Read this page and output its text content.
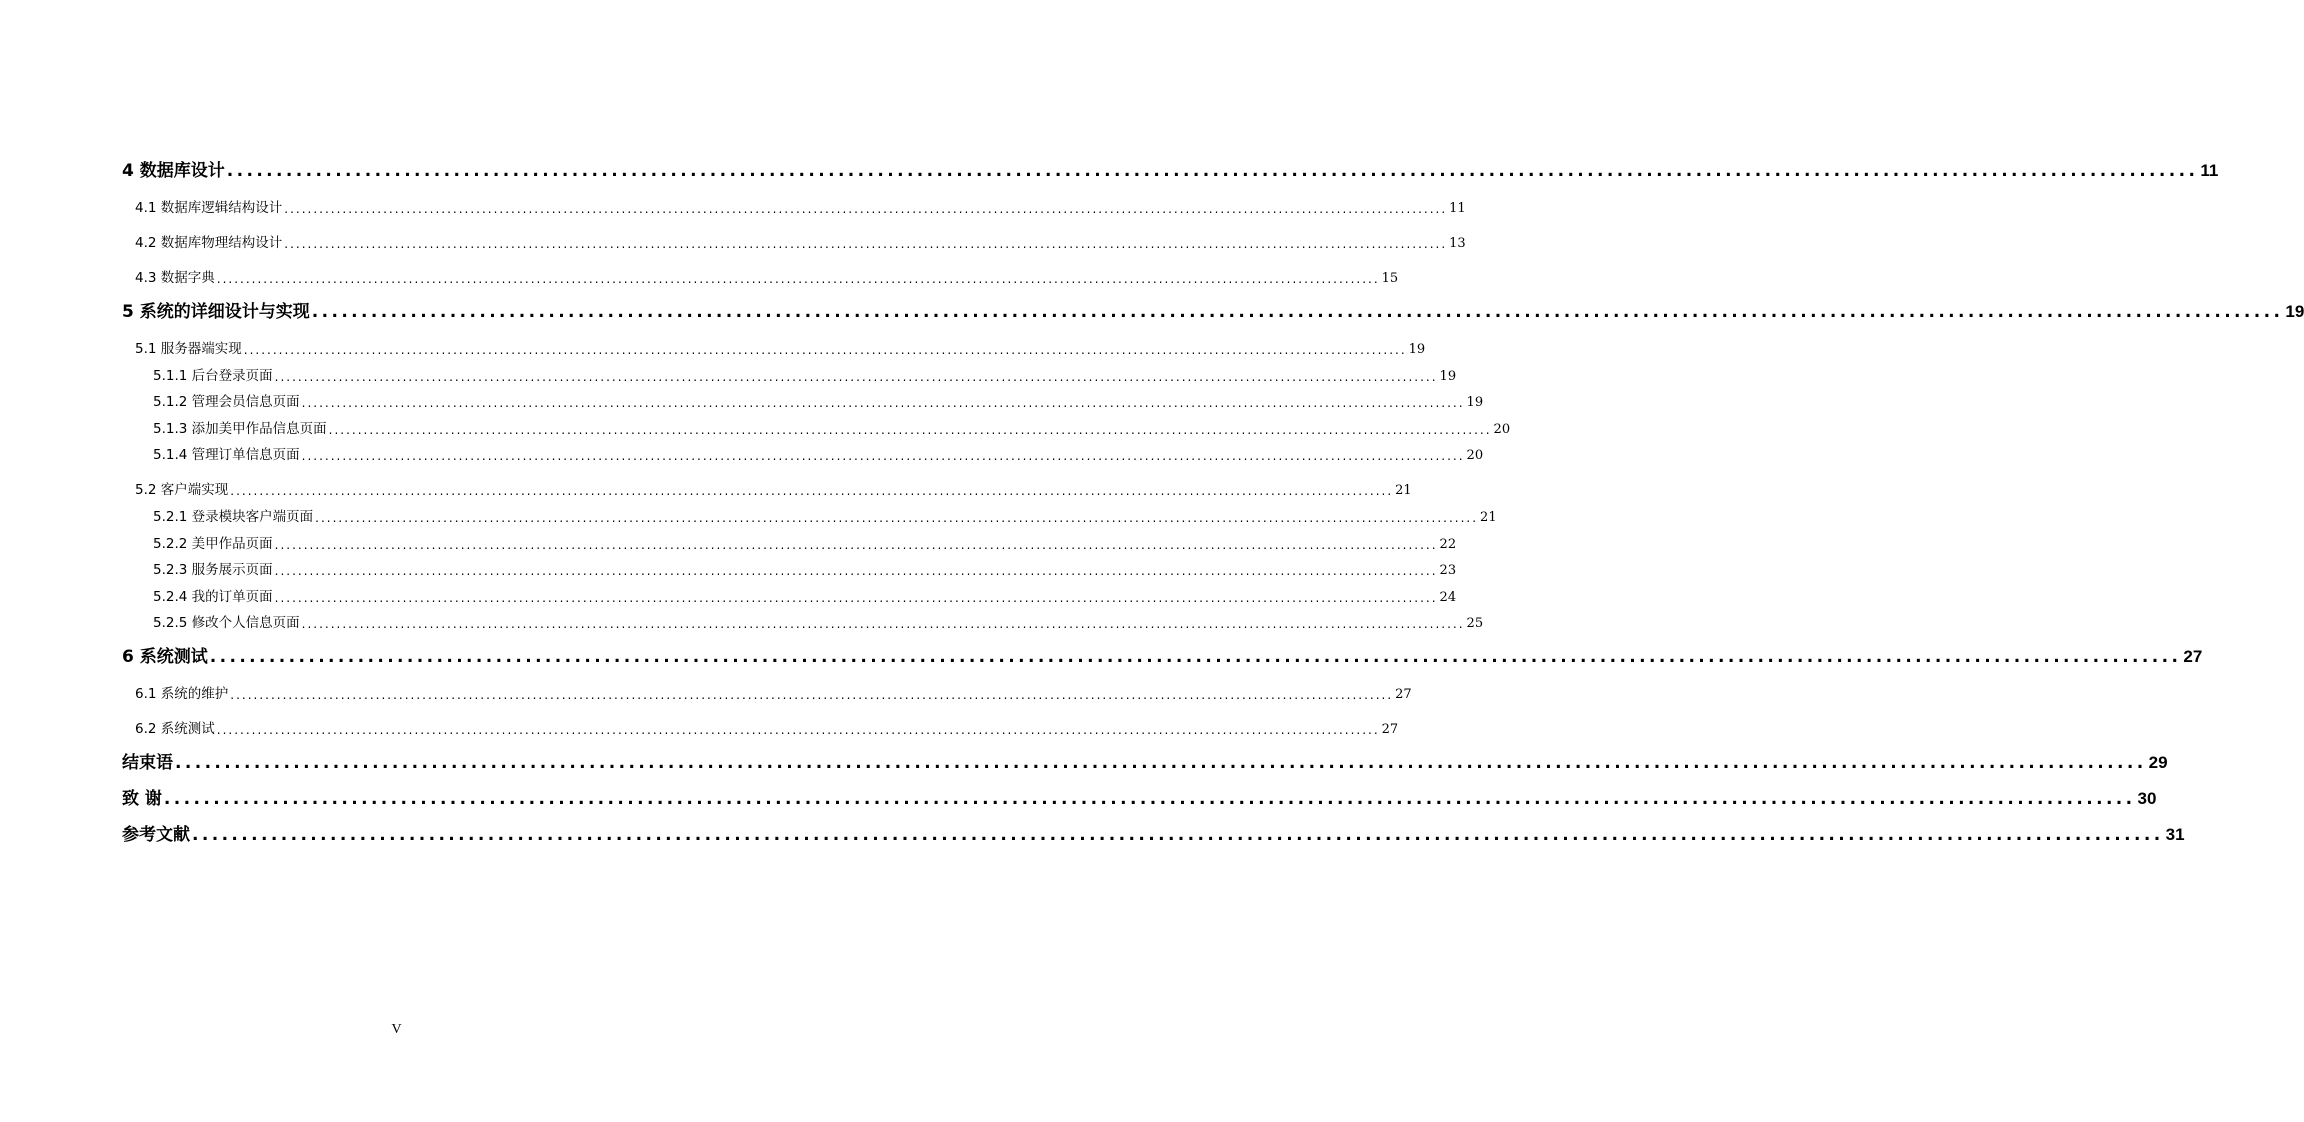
4 数据库设计 ........................................................................................................................................................................................................ 11
4.1 数据库逻辑结构设计 ........................................................................................................................................................................................................ 11
4.2 数据库物理结构设计 ........................................................................................................................................................................................................ 13
4.3 数据字典 ........................................................................................................................................................................................................ 15
5 系统的详细设计与实现 ........................................................................................................................................................................................................ 19
5.1 服务器端实现 ........................................................................................................................................................................................................ 19
5.1.1 后台登录页面 ........................................................................................................................................................................................................ 19
5.1.2 管理会员信息页面 ........................................................................................................................................................................................................ 19
5.1.3 添加美甲作品信息页面 ........................................................................................................................................................................................................ 20
5.1.4 管理订单信息页面 ........................................................................................................................................................................................................ 20
5.2 客户端实现 ........................................................................................................................................................................................................ 21
5.2.1 登录模块客户端页面 ........................................................................................................................................................................................................ 21
5.2.2 美甲作品页面 ........................................................................................................................................................................................................ 22
5.2.3 服务展示页面 ........................................................................................................................................................................................................ 23
5.2.4 我的订单页面 ........................................................................................................................................................................................................ 24
5.2.5 修改个人信息页面 ........................................................................................................................................................................................................ 25
6 系统测试 ........................................................................................................................................................................................................ 27
6.1 系统的维护 ........................................................................................................................................................................................................ 27
6.2 系统测试 ........................................................................................................................................................................................................ 27
结束语 ........................................................................................................................................................................................................ 29
致 谢 ........................................................................................................................................................................................................ 30
参考文献 ........................................................................................................................................................................................................ 31
V
